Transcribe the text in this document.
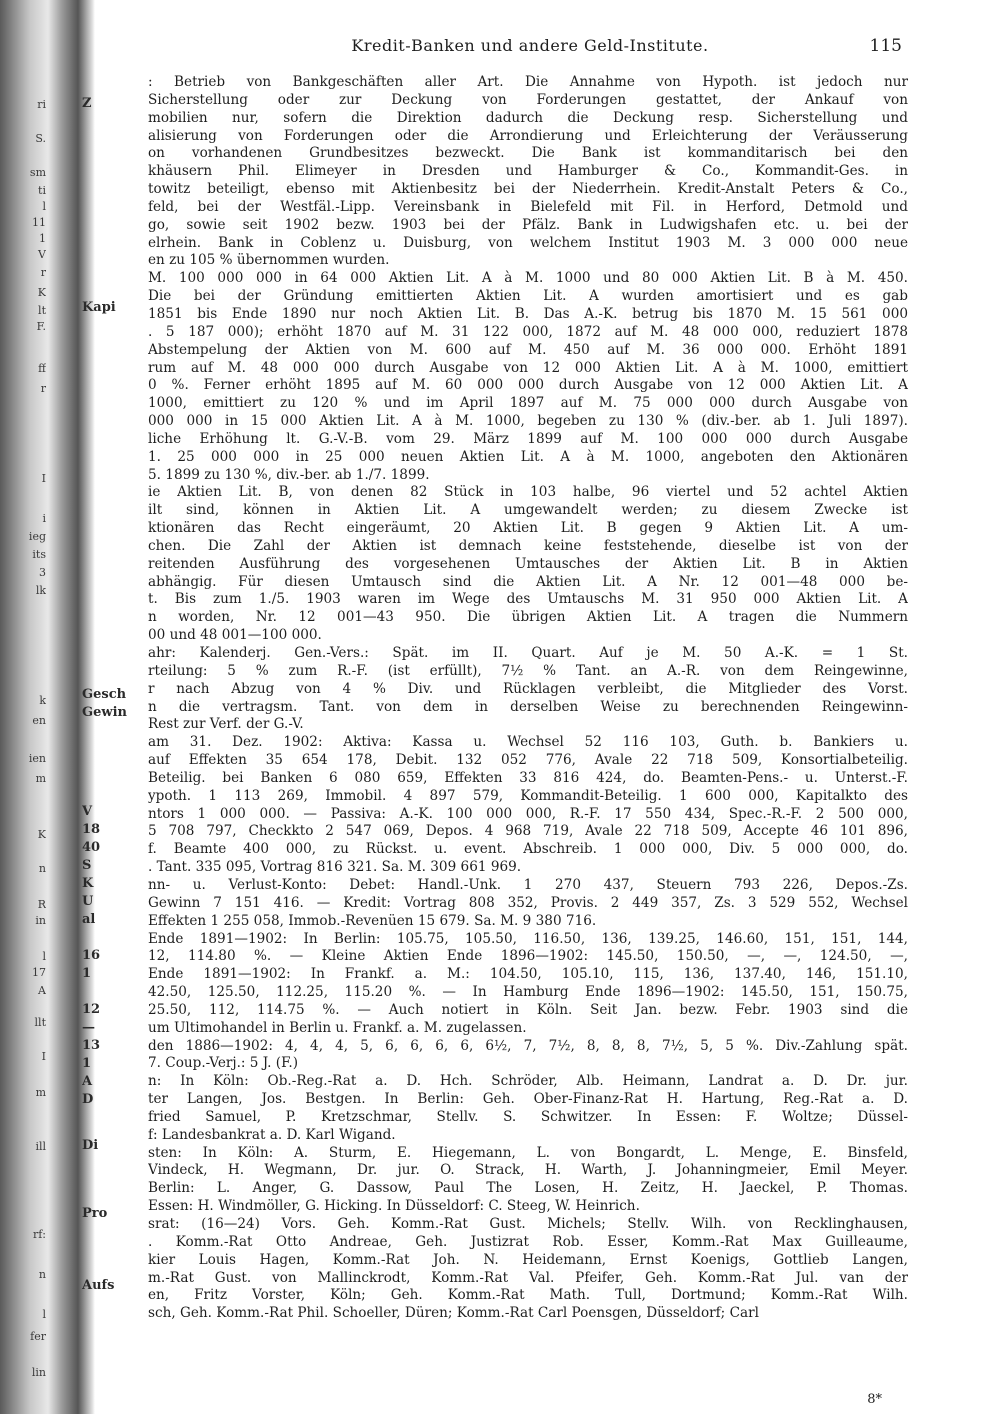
ri
S.
sm
ti
l
11
1
V
r
K
lt
F.
ff
r
I
i
ieg
its
3
lk
k
en
ien
m
K
n
R
in
l
17
A
llt
I
m
ill
rf:
n
l
fer
lin
Z
Kapi
Gesch
Gewin
V
18
40
S
K
U
al
16
1
12
—
13
1
A
D
Di
Pro
Aufs
Kredit-Banken und andere Geld-Institute.	115
: Betrieb von Bankgeschäften aller Art. Die Annahme von Hypoth. ist jedoch nur
Sicherstellung oder zur Deckung von Forderungen gestattet, der Ankauf von
mobilien nur, sofern die Direktion dadurch die Deckung resp. Sicherstellung und
alisierung von Forderungen oder die Arrondierung und Erleichterung der Veräusserung
on vorhandenen Grundbesitzes bezweckt. Die Bank ist kommanditarisch bei den
khäusern Phil. Elimeyer in Dresden und Hamburger & Co., Kommandit-Ges. in
towitz beteiligt, ebenso mit Aktienbesitz bei der Niederrhein. Kredit-Anstalt Peters & Co.,
feld, bei der Westfäl.-Lipp. Vereinsbank in Bielefeld mit Fil. in Herford, Detmold und
go, sowie seit 1902 bezw. 1903 bei der Pfälz. Bank in Ludwigshafen etc. u. bei der
elrhein. Bank in Coblenz u. Duisburg, von welchem Institut 1903 M. 3 000 000 neue
en zu 105 % übernommen wurden.
M. 100 000 000 in 64 000 Aktien Lit. A à M. 1000 und 80 000 Aktien Lit. B à M. 450.
Die bei der Gründung emittierten Aktien Lit. A wurden amortisiert und es gab
1851 bis Ende 1890 nur noch Aktien Lit. B. Das A.-K. betrug bis 1870 M. 15 561 000
. 5 187 000); erhöht 1870 auf M. 31 122 000, 1872 auf M. 48 000 000, reduziert 1878
Abstempelung der Aktien von M. 600 auf M. 450 auf M. 36 000 000. Erhöht 1891
rum auf M. 48 000 000 durch Ausgabe von 12 000 Aktien Lit. A à M. 1000, emittiert
0 %. Ferner erhöht 1895 auf M. 60 000 000 durch Ausgabe von 12 000 Aktien Lit. A
1000, emittiert zu 120 % und im April 1897 auf M. 75 000 000 durch Ausgabe von
000 000 in 15 000 Aktien Lit. A à M. 1000, begeben zu 130 % (div.-ber. ab 1. Juli 1897).
liche Erhöhung lt. G.-V.-B. vom 29. März 1899 auf M. 100 000 000 durch Ausgabe
1. 25 000 000 in 25 000 neuen Aktien Lit. A à M. 1000, angeboten den Aktionären
5. 1899 zu 130 %, div.-ber. ab 1./7. 1899.
ie Aktien Lit. B, von denen 82 Stück in 103 halbe, 96 viertel und 52 achtel Aktien
ilt sind, können in Aktien Lit. A umgewandelt werden; zu diesem Zwecke ist
ktionären das Recht eingeräumt, 20 Aktien Lit. B gegen 9 Aktien Lit. A um-
chen. Die Zahl der Aktien ist demnach keine feststehende, dieselbe ist von der
reitenden Ausführung des vorgesehenen Umtausches der Aktien Lit. B in Aktien
abhängig. Für diesen Umtausch sind die Aktien Lit. A Nr. 12 001—48 000 be-
t. Bis zum 1./5. 1903 waren im Wege des Umtauschs M. 31 950 000 Aktien Lit. A
n worden, Nr. 12 001—43 950. Die übrigen Aktien Lit. A tragen die Nummern
00 und 48 001—100 000.
ahr: Kalenderj. Gen.-Vers.: Spät. im II. Quart. Auf je M. 50 A.-K. = 1 St.
rteilung: 5 % zum R.-F. (ist erfüllt), 7½ % Tant. an A.-R. von dem Reingewinne,
r nach Abzug von 4 % Div. und Rücklagen verbleibt, die Mitglieder des Vorst.
n die vertragsm. Tant. von dem in derselben Weise zu berechnenden Reingewinn-
Rest zur Verf. der G.-V.
am 31. Dez. 1902: Aktiva: Kassa u. Wechsel 52 116 103, Guth. b. Bankiers u.
auf Effekten 35 654 178, Debit. 132 052 776, Avale 22 718 509, Konsortialbeteilig.
Beteilig. bei Banken 6 080 659, Effekten 33 816 424, do. Beamten-Pens.- u. Unterst.-F.
ypoth. 1 113 269, Immobil. 4 897 579, Kommandit-Beteilig. 1 600 000, Kapitalkto des
ntors 1 000 000. — Passiva: A.-K. 100 000 000, R.-F. 17 550 434, Spec.-R.-F. 2 500 000,
5 708 797, Checkkto 2 547 069, Depos. 4 968 719, Avale 22 718 509, Accepte 46 101 896,
f. Beamte 400 000, zu Rückst. u. event. Abschreib. 1 000 000, Div. 5 000 000, do.
. Tant. 335 095, Vortrag 816 321. Sa. M. 309 661 969.
nn- u. Verlust-Konto: Debet: Handl.-Unk. 1 270 437, Steuern 793 226, Depos.-Zs.
Gewinn 7 151 416. — Kredit: Vortrag 808 352, Provis. 2 449 357, Zs. 3 529 552, Wechsel
Effekten 1 255 058, Immob.-Revenüen 15 679. Sa. M. 9 380 716.
Ende 1891—1902: In Berlin: 105.75, 105.50, 116.50, 136, 139.25, 146.60, 151, 151, 144,
12, 114.80 %. — Kleine Aktien Ende 1896—1902: 145.50, 150.50, —, —, 124.50, —,
Ende 1891—1902: In Frankf. a. M.: 104.50, 105.10, 115, 136, 137.40, 146, 151.10,
42.50, 125.50, 112.25, 115.20 %. — In Hamburg Ende 1896—1902: 145.50, 151, 150.75,
25.50, 112, 114.75 %. — Auch notiert in Köln. Seit Jan. bezw. Febr. 1903 sind die
um Ultimohandel in Berlin u. Frankf. a. M. zugelassen.
den 1886—1902: 4, 4, 4, 5, 6, 6, 6, 6, 6½, 7, 7½, 8, 8, 8, 7½, 5, 5 %. Div.-Zahlung spät.
7. Coup.-Verj.: 5 J. (F.)
n: In Köln: Ob.-Reg.-Rat a. D. Hch. Schröder, Alb. Heimann, Landrat a. D. Dr. jur.
ter Langen, Jos. Bestgen. In Berlin: Geh. Ober-Finanz-Rat H. Hartung, Reg.-Rat a. D.
fried Samuel, P. Kretzschmar, Stellv. S. Schwitzer. In Essen: F. Woltze; Düssel-
f: Landesbankrat a. D. Karl Wigand.
sten: In Köln: A. Sturm, E. Hiegemann, L. von Bongardt, L. Menge, E. Binsfeld,
Vindeck, H. Wegmann, Dr. jur. O. Strack, H. Warth, J. Johanningmeier, Emil Meyer.
Berlin: L. Anger, G. Dassow, Paul The Losen, H. Zeitz, H. Jaeckel, P. Thomas.
Essen: H. Windmöller, G. Hicking. In Düsseldorf: C. Steeg, W. Heinrich.
srat: (16—24) Vors. Geh. Komm.-Rat Gust. Michels; Stellv. Wilh. von Recklinghausen,
. Komm.-Rat Otto Andreae, Geh. Justizrat Rob. Esser, Komm.-Rat Max Guilleaume,
kier Louis Hagen, Komm.-Rat Joh. N. Heidemann, Ernst Koenigs, Gottlieb Langen,
m.-Rat Gust. von Mallinckrodt, Komm.-Rat Val. Pfeifer, Geh. Komm.-Rat Jul. van der
en, Fritz Vorster, Köln; Geh. Komm.-Rat Math. Tull, Dortmund; Komm.-Rat Wilh.
sch, Geh. Komm.-Rat Phil. Schoeller, Düren; Komm.-Rat Carl Poensgen, Düsseldorf; Carl
8*
